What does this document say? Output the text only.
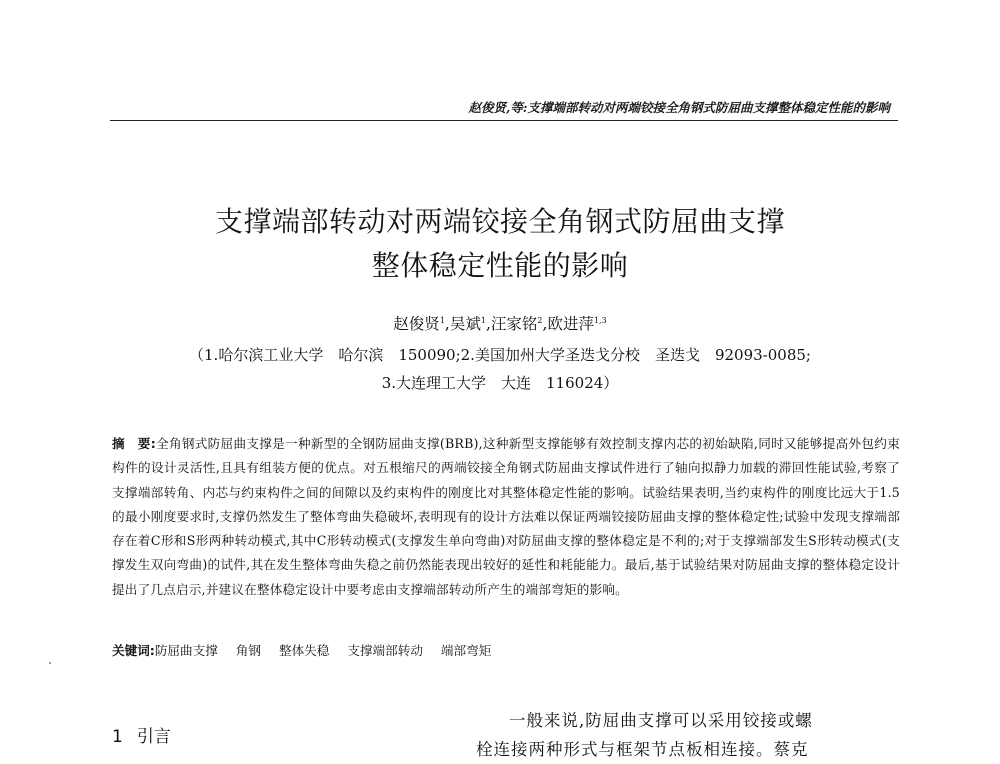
赵俊贤,等:支撑端部转动对两端铰接全角钢式防屈曲支撑整体稳定性能的影响
支撑端部转动对两端铰接全角钢式防屈曲支撑
整体稳定性能的影响
赵俊贤$^1$,吴斌$^1$,汪家铭$^2$,欧进萍$^{1,3}$
（1.哈尔滨工业大学　哈尔滨　150090;2.美国加州大学圣迭戈分校　圣迭戈　92093-0085;
3.大连理工大学　大连　116024）
摘　要:全角钢式防屈曲支撑是一种新型的全钢防屈曲支撑(BRB),这种新型支撑能够有效控制支撑内芯的初始缺陷,同时又能够提高外包约束构件的设计灵活性,且具有组装方便的优点。对五根缩尺的两端铰接全角钢式防屈曲支撑试件进行了轴向拟静力加载的滞回性能试验,考察了支撑端部转角、内芯与约束构件之间的间隙以及约束构件的刚度比对其整体稳定性能的影响。试验结果表明,当约束构件的刚度比远大于1.5的最小刚度要求时,支撑仍然发生了整体弯曲失稳破坏,表明现有的设计方法难以保证两端铰接防屈曲支撑的整体稳定性;试验中发现支撑端部存在着C形和S形两种转动模式,其中C形转动模式(支撑发生单向弯曲)对防屈曲支撑的整体稳定是不利的;对于支撑端部发生S形转动模式(支撑发生双向弯曲)的试件,其在发生整体弯曲失稳之前仍然能表现出较好的延性和耗能能力。最后,基于试验结果对防屈曲支撑的整体稳定设计提出了几点启示,并建议在整体稳定设计中要考虑由支撑端部转动所产生的端部弯矩的影响。
关键词:防屈曲支撑 角钢 整体失稳 支撑端部转动 端部弯矩
1 引言

一般来说,防屈曲支撑可以采用铰接或螺

栓连接两种形式与框架节点板相连接。蔡克
